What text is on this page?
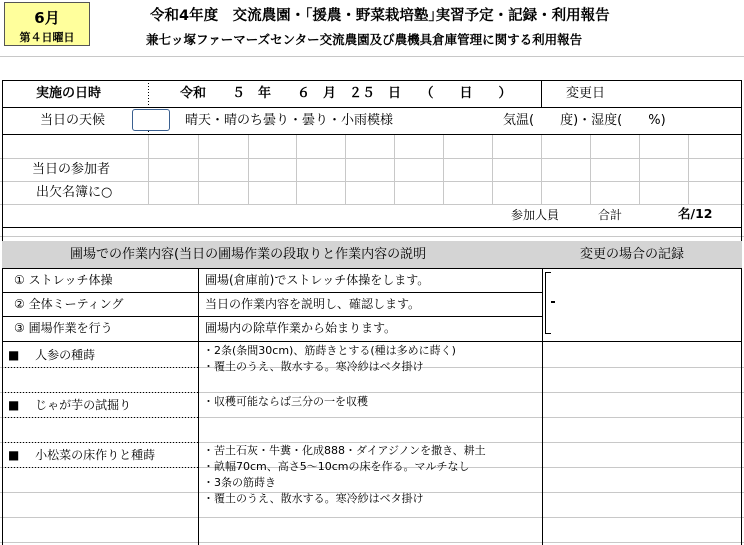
6月
第４日曜日
令和4年度　交流農園・｢援農・野菜栽培塾｣実習予定・記録・利用報告
兼七ッ塚ファーマーズセンター交流農園及び農機具倉庫管理に関する利用報告
実施の日時	令和　　５　年　　６　月　２５　日　　（　　日　　）	変更日
当日の天候	晴天・晴のち曇り・曇り・小雨模様	気温(　　度)・湿度(　　%)
当日の参加者
出欠名簿に○
参加人員	合計	名/12
圃場での作業内容(当日の圃場作業の段取りと作業内容の説明	変更の場合の記録
① ストレッチ体操	圃場(倉庫前)でストレッチ体操をします。
② 全体ミーティング	当日の作業内容を説明し、確認します。
③ 圃場作業を行う	圃場内の除草作業から始まります。
■　 人参の種蒔	・2条(条間30cm)、筋蒔きとする(種は多めに蒔く)
・覆土のうえ、散水する。寒冷紗はベタ掛け
■　 じゃが芋の試掘り	・収穫可能ならば三分の一を収穫
■　 小松菜の床作りと種蒔	・苦土石灰・牛糞・化成888・ダイアジノンを撒き、耕土
・畝幅70cm、高さ5～10cmの床を作る。マルチなし
・3条の筋蒔き
・覆土のうえ、散水する。寒冷紗はベタ掛け
